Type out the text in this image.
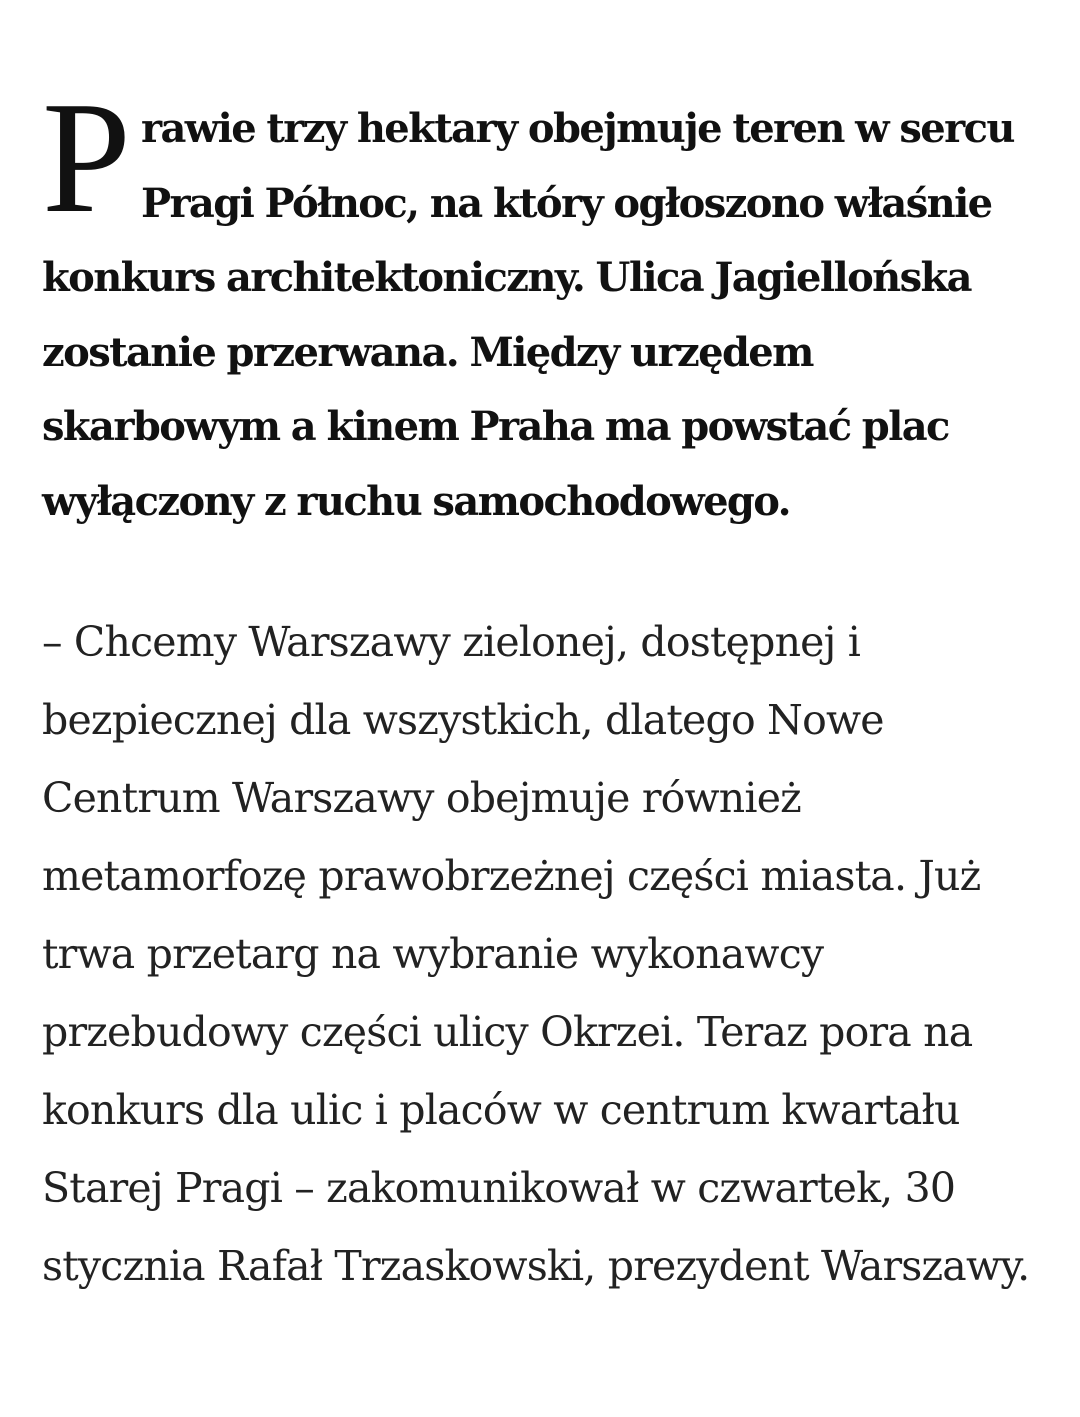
Prawie trzy hektary obejmuje teren w sercu Pragi Północ, na który ogłoszono właśnie konkurs architektoniczny. Ulica Jagiellońska zostanie przerwana. Między urzędem skarbowym a kinem Praha ma powstać plac wyłączony z ruchu samochodowego.

– Chcemy Warszawy zielonej, dostępnej i bezpiecznej dla wszystkich, dlatego Nowe Centrum Warszawy obejmuje również metamorfozę prawobrzeżnej części miasta. Już trwa przetarg na wybranie wykonawcy przebudowy części ulicy Okrzei. Teraz pora na konkurs dla ulic i placów w centrum kwartału Starej Pragi – zakomunikował w czwartek, 30 stycznia Rafał Trzaskowski, prezydent Warszawy.
